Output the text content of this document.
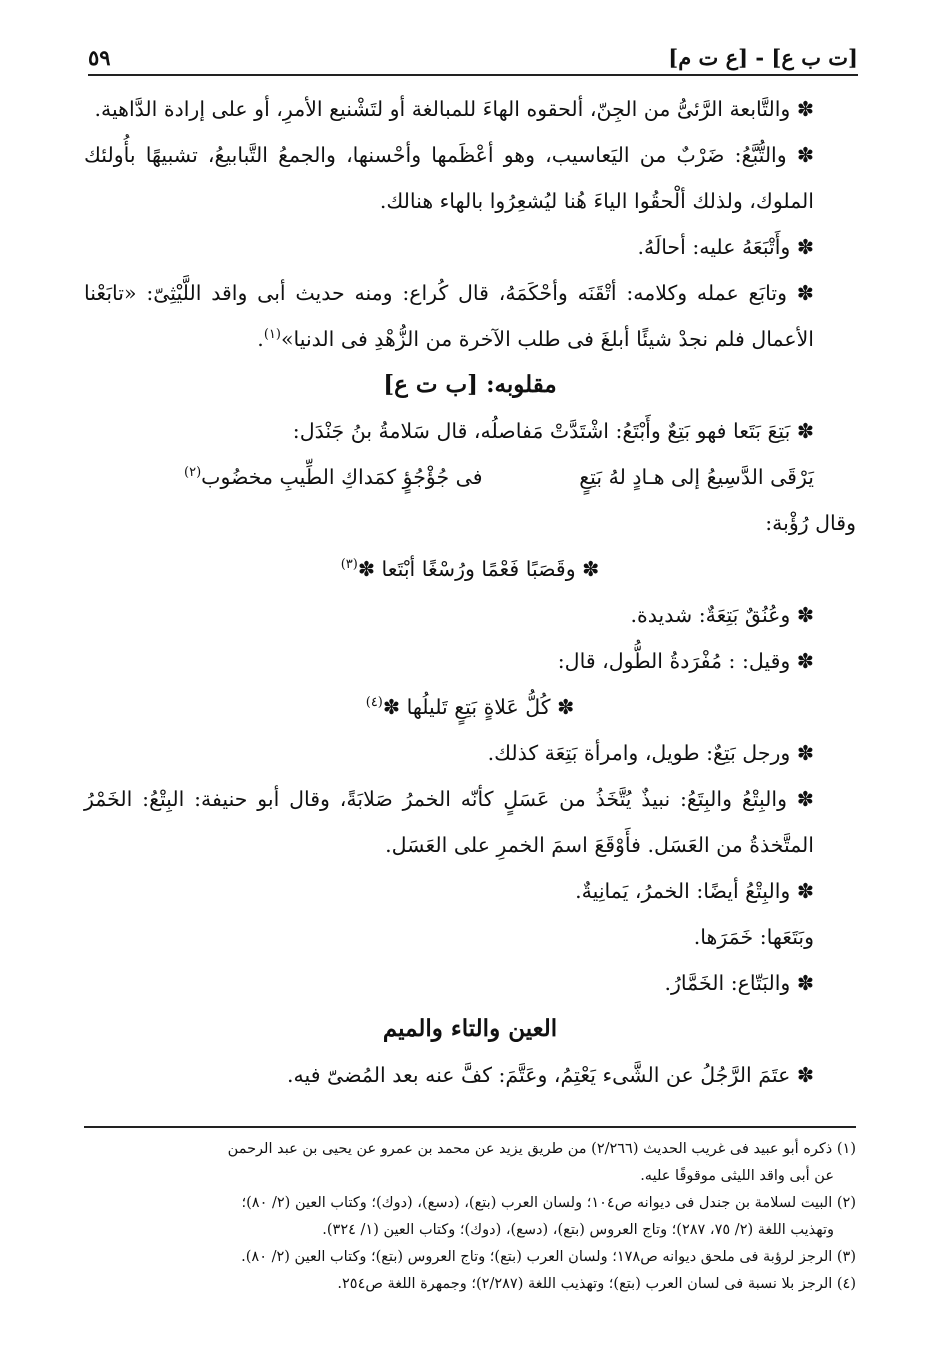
[ت ب ع] - [ع ت م]
٥٩

✽ والتَّابعة الرَّئىُّ من الجِنّ، ألحقوه الهاءَ للمبالغة أو لتَشْنيع الأمرِ، أو على إرادة الدَّاهية.

✽ والتُّبَّعُ: ضَرْبٌ من اليَعاسيب، وهو أعْظَمها وأحْسنها، والجمعُ التَّبابيعُ، تشبيهًا بأُولئك الملوك، ولذلك ألْحقُوا الياءَ هُنا ليُشعِرُوا بالهاء هنالك.

✽ وأَتْبَعَهُ عليه: أحالَهُ.

✽ وتابَع عمله وكلامه: أتْقَنَه وأحْكَمَهُ، قال كُراع: ومنه حديث أبى واقد اللَّيْثِىّ: «تابَعْنا الأعمال فلم نجدْ شيئًا أبلغَ فى طلب الآخرة من الزُّهْدِ فى الدنيا»$^{(١)}$.

مقلوبه: [ب ت ع]

✽ بَتِعَ بَتَعا فهو بَتِعٌ وأَبْتَعُ: اشْتَدَّتْ مَفاصلُه، قال سَلامةُ بنُ جَنْدَل:

يَرْقَى الدَّسِيعُ إلى هـادٍ لهُ بَتِعٍ
فى جُؤْجُؤٍ كمَداكِ الطِّيبِ مخضُوب$^{(٢)}$

وقال رُؤْبة:

✽ وقَصَبًا فَعْمًا ورُسْغًا أبْتَعا ✽$^{(٣)}$

✽ وعُنُقٌ بَتِعَةٌ: شديدة.

✽ وقيل: : مُفْرَدةُ الطُّول، قال:

✽ كُلُّ عَلاةٍ بَتِعٍ تَليلُها ✽$^{(٤)}$

✽ ورجل بَتِعٌ: طويل، وامرأة بَتِعَة كذلك.

✽ والبِتْعُ والبِتَعُ: نبيذٌ يُتَّخَذُ من عَسَلٍ كأنّه الخمرُ صَلابَةً، وقال أبو حنيفة: البِتْعُ: الخَمْرُ المتَّخذةُ من العَسَل. فأَوْقَعَ اسمَ الخمرِ على العَسَل.

✽ والبِتْعُ أيضًا: الخمرُ، يَمانِيةٌ.

وبَتَعَها: خَمَرَها.

✽ والبَتّاع: الخَمَّارُ.

العين والتاء والميم

✽ عتَمَ الرَّجُلُ عن الشَّىء يَعْتِمُ، وعَتَّمَ: كفَّ عنه بعد المُضىّ فيه.

(١) ذكره أبو عبيد فى غريب الحديث (٢/٢٦٦) من طريق يزيد عن محمد بن عمرو عن يحيى بن عبد الرحمن

عن أبى واقد الليثى موقوفًا عليه.

(٢) البيت لسلامة بن جندل فى ديوانه ص١٠٤؛ ولسان العرب (بتع)، (دسع)، (دوك)؛ وكتاب العين (٢/ ٨٠)؛

وتهذيب اللغة (٢/ ٧٥، ٢٨٧)؛ وتاج العروس (بتع)، (دسع)، (دوك)؛ وكتاب العين (١/ ٣٢٤).

(٣) الرجز لرؤبة فى ملحق ديوانه ص١٧٨؛ ولسان العرب (بتع)؛ وتاج العروس (بتع)؛ وكتاب العين (٢/ ٨٠).

(٤) الرجز بلا نسبة فى لسان العرب (بتع)؛ وتهذيب اللغة (٢/٢٨٧)؛ وجمهرة اللغة ص٢٥٤.
